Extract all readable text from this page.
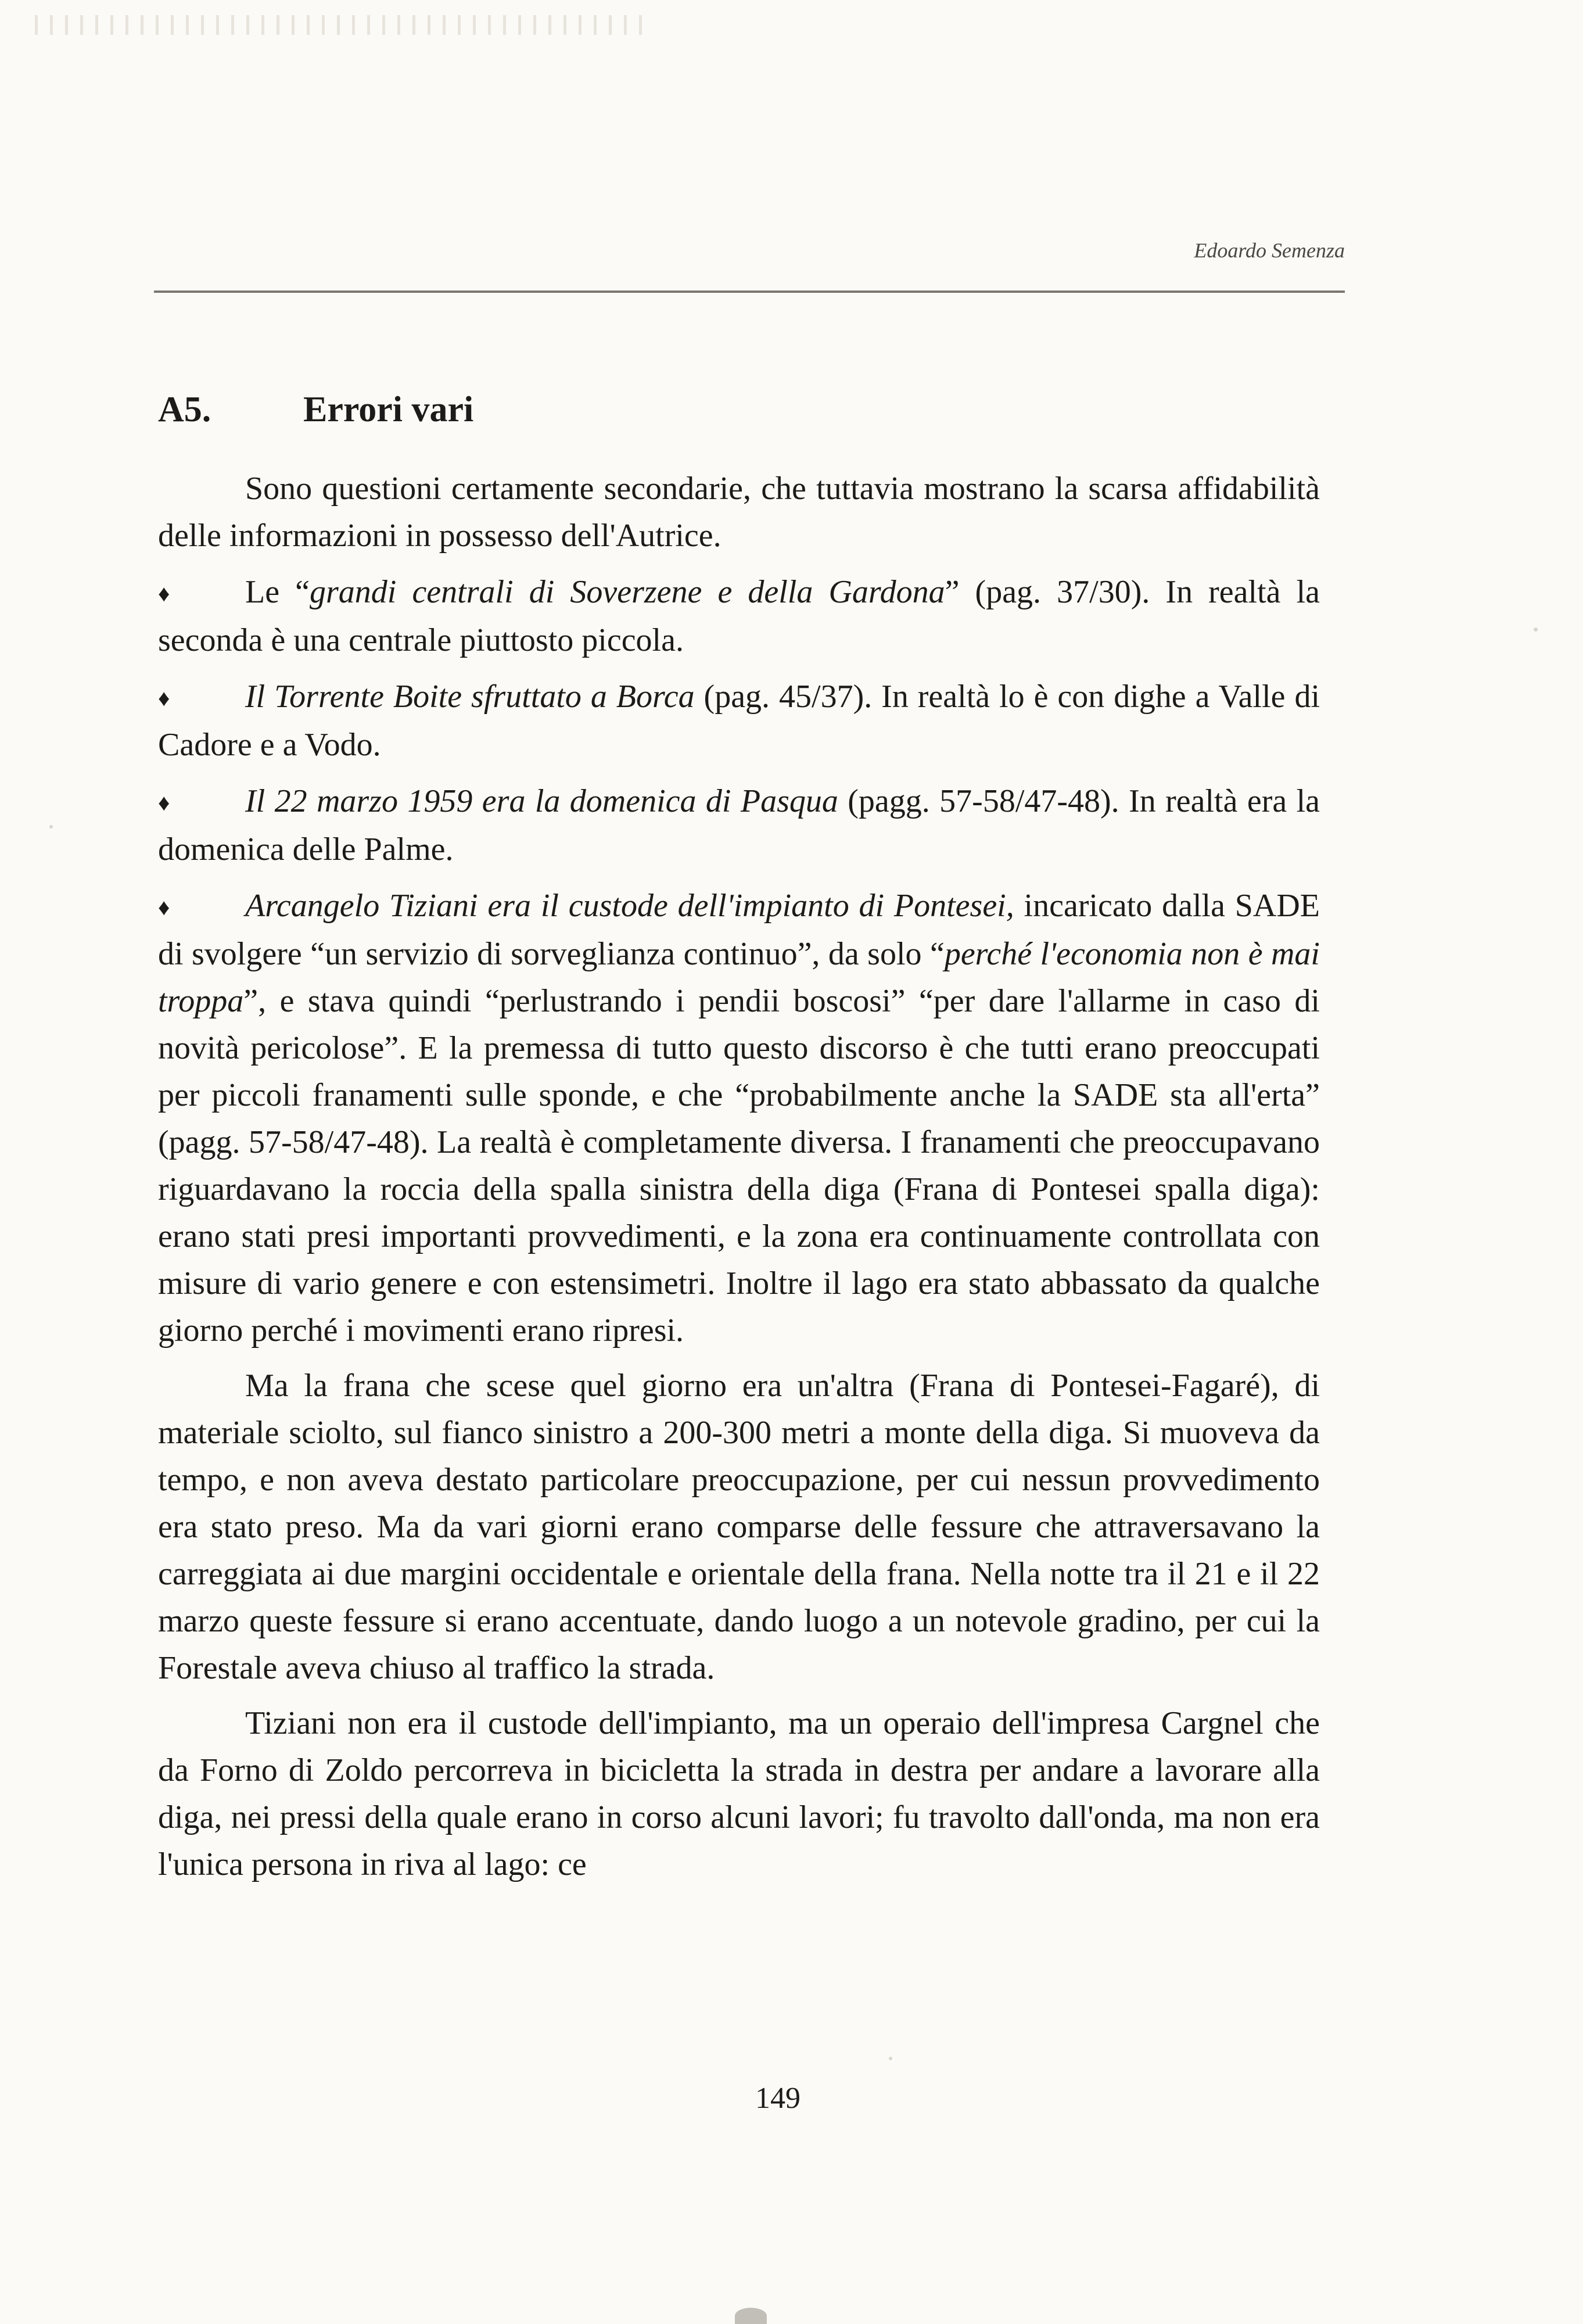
Edoardo Semenza
A5.	Errori vari

Sono questioni certamente secondarie, che tuttavia mostrano la scarsa affidabilità delle informazioni in possesso dell'Autrice.

♦ Le “grandi centrali di Soverzene e della Gardona” (pag. 37/30). In realtà la seconda è una centrale piuttosto piccola.

♦ Il Torrente Boite sfruttato a Borca (pag. 45/37). In realtà lo è con dighe a Valle di Cadore e a Vodo.

♦ Il 22 marzo 1959 era la domenica di Pasqua (pagg. 57-58/47-48). In realtà era la domenica delle Palme.

♦ Arcangelo Tiziani era il custode dell'impianto di Pontesei, incaricato dalla SADE di svolgere “un servizio di sorveglianza continuo”, da solo “perché l'economia non è mai troppa”, e stava quindi “perlustrando i pendii boscosi” “per dare l'allarme in caso di novità pericolose”. E la premessa di tutto questo discorso è che tutti erano preoccupati per piccoli franamenti sulle sponde, e che “probabilmente anche la SADE sta all'erta” (pagg. 57-58/47-48). La realtà è completamente diversa. I franamenti che preoccupavano riguardavano la roccia della spalla sinistra della diga (Frana di Pontesei spalla diga): erano stati presi importanti provvedimenti, e la zona era continuamente controllata con misure di vario genere e con estensimetri. Inoltre il lago era stato abbassato da qualche giorno perché i movimenti erano ripresi.

Ma la frana che scese quel giorno era un'altra (Frana di Pontesei-Fagaré), di materiale sciolto, sul fianco sinistro a 200-300 metri a monte della diga. Si muoveva da tempo, e non aveva destato particolare preoccupazione, per cui nessun provvedimento era stato preso. Ma da vari giorni erano comparse delle fessure che attraversavano la carreggiata ai due margini occidentale e orientale della frana. Nella notte tra il 21 e il 22 marzo queste fessure si erano accentuate, dando luogo a un notevole gradino, per cui la Forestale aveva chiuso al traffico la strada.

Tiziani non era il custode dell'impianto, ma un operaio dell'impresa Cargnel che da Forno di Zoldo percorreva in bicicletta la strada in destra per andare a lavorare alla diga, nei pressi della quale erano in corso alcuni lavori; fu travolto dall'onda, ma non era l'unica persona in riva al lago: ce

149
